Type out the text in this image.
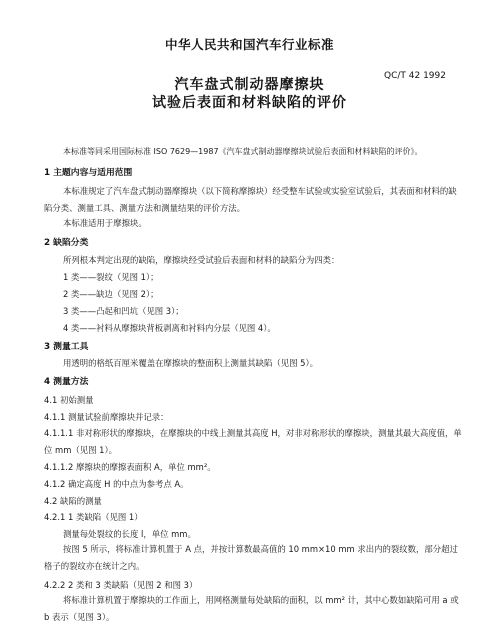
中华人民共和国汽车行业标准
QC/T 42 1992
汽车盘式制动器摩擦块
试验后表面和材料缺陷的评价
本标准等同采用国际标准 ISO 7629—1987《汽车盘式制动器摩擦块试验后表面和材料缺陷的评价》。
1 主题内容与适用范围
本标准规定了汽车盘式制动器摩擦块（以下简称摩擦块）经受整车试验或实验室试验后，其表面和材料的缺陷分类、测量工具、测量方法和测量结果的评价方法。
本标准适用于摩擦块。
2 缺陷分类
所列根本判定出现的缺陷，摩擦块经受试验后表面和材料的缺陷分为四类：
1 类——裂纹（见图 1）；
2 类——缺边（见图 2）；
3 类——凸起和凹坑（见图 3）；
4 类——衬料从摩擦块背板剥离和衬料内分层（见图 4）。
3 测量工具
用透明的格纸百厘米覆盖在摩擦块的整面积上测量其缺陷（见图 5）。
4 测量方法
4.1 初始测量
4.1.1 测量试验前摩擦块并记录：
4.1.1.1 非对称形状的摩擦块，在摩擦块的中线上测量其高度 H，对非对称形状的摩擦块，测量其最大高度值，单位 mm（见图 1）。
4.1.1.2 摩擦块的摩擦表面积 A，单位 mm²。
4.1.2 确定高度 H 的中点为参考点 A。
4.2 缺陷的测量
4.2.1 1 类缺陷（见图 1）
测量每处裂纹的长度 l，单位 mm。
按图 5 所示，将标准计算机置于 A 点，并按计算数最高值的 10 mm×10 mm 求出内的裂纹数，部分超过格子的裂纹亦在统计之内。
4.2.2 2 类和 3 类缺陷（见图 2 和图 3）
将标准计算机置于摩擦块的工作面上，用网格测量每处缺陷的面积，以 mm² 计，其中心数如缺陷可用 a 或 b 表示（见图 3）。
